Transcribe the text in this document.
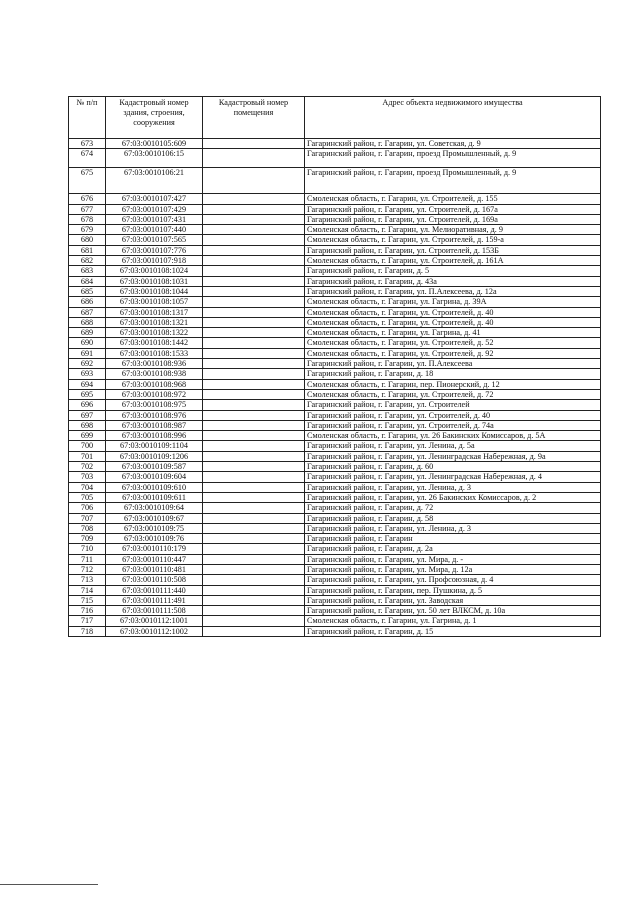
№ п/п	Кадастровый номер здания, строения, сооружения	Кадастровый номер помещения	Адрес объекта недвижимого имущества
673	67:03:0010105:609		Гагаринский район, г. Гагарин, ул. Советская, д. 9
674	67:03:0010106:15		Гагаринский район, г. Гагарин, проезд Промышленный, д. 9
675	67:03:0010106:21		Гагаринский район, г. Гагарин, проезд Промышленный, д. 9
676	67:03:0010107:427		Смоленская область, г. Гагарин, ул. Строителей, д. 155
677	67:03:0010107:429		Гагаринский район, г. Гагарин, ул. Строителей, д. 167а
678	67:03:0010107:431		Гагаринский район, г. Гагарин, ул. Строителей, д. 169а
679	67:03:0010107:440		Смоленская область, г. Гагарин, ул. Мелиоративная, д. 9
680	67:03:0010107:565		Смоленская область, г. Гагарин, ул. Строителей, д. 159-а
681	67:03:0010107:776		Гагаринский район, г. Гагарин, ул. Строителей, д. 153Б
682	67:03:0010107:918		Смоленская область, г. Гагарин, ул. Строителей, д. 161А
683	67:03:0010108:1024		Гагаринский район, г. Гагарин, д. 5
684	67:03:0010108:1031		Гагаринский район, г. Гагарин, д. 43а
685	67:03:0010108:1044		Гагаринский район, г. Гагарин, ул. П.Алексеева, д. 12а
686	67:03:0010108:1057		Смоленская область, г. Гагарин, ул. Гагрина, д. 39А
687	67:03:0010108:1317		Смоленская область, г. Гагарин, ул. Строителей, д. 40
688	67:03:0010108:1321		Смоленская область, г. Гагарин, ул. Строителей, д. 40
689	67:03:0010108:1322		Смоленская область, г. Гагарин, ул. Гагрина, д. 41
690	67:03:0010108:1442		Смоленская область, г. Гагарин, ул. Строителей, д. 52
691	67:03:0010108:1533		Смоленская область, г. Гагарин, ул. Строителей, д. 92
692	67:03:0010108:936		Гагаринский район, г. Гагарин, ул. П.Алексеева
693	67:03:0010108:938		Гагаринский район, г. Гагарин, д. 18
694	67:03:0010108:968		Смоленская область, г. Гагарин, пер. Пионерский, д. 12
695	67:03:0010108:972		Смоленская область, г. Гагарин, ул. Строителей, д. 72
696	67:03:0010108:975		Гагаринский район, г. Гагарин, ул. Строителей
697	67:03:0010108:976		Гагаринский район, г. Гагарин, ул. Строителей, д. 40
698	67:03:0010108:987		Гагаринский район, г. Гагарин, ул. Строителей, д. 74а
699	67:03:0010108:996		Смоленская область, г. Гагарин, ул. 26 Бакинских Комиссаров, д. 5А
700	67:03:0010109:1104		Гагаринский район, г. Гагарин, ул. Ленина, д. 5а
701	67:03:0010109:1206		Гагаринский район, г. Гагарин, ул. Ленинградская Набережная, д. 9а
702	67:03:0010109:587		Гагаринский район, г. Гагарин, д. 60
703	67:03:0010109:604		Гагаринский район, г. Гагарин, ул. Ленинградская Набережная, д. 4
704	67:03:0010109:610		Гагаринский район, г. Гагарин, ул. Ленина, д. 3
705	67:03:0010109:611		Гагаринский район, г. Гагарин, ул. 26 Бакинских Комиссаров, д. 2
706	67:03:0010109:64		Гагаринский район, г. Гагарин, д. 72
707	67:03:0010109:67		Гагаринский район, г. Гагарин, д. 58
708	67:03:0010109:75		Гагаринский район, г. Гагарин, ул. Ленина, д. 3
709	67:03:0010109:76		Гагаринский район, г. Гагарин
710	67:03:0010110:179		Гагаринский район, г. Гагарин, д. 2а
711	67:03:0010110:447		Гагаринский район, г. Гагарин, ул. Мира, д. -
712	67:03:0010110:481		Гагаринский район, г. Гагарин, ул. Мира, д. 12а
713	67:03:0010110:508		Гагаринский район, г. Гагарин, ул. Профсоюзная, д. 4
714	67:03:0010111:440		Гагаринский район, г. Гагарин, пер. Пушкина, д. 5
715	67:03:0010111:491		Гагаринский район, г. Гагарин, ул. Заводская
716	67:03:0010111:508		Гагаринский район, г. Гагарин, ул. 50 лет ВЛКСМ, д. 10а
717	67:03:0010112:1001		Смоленская область, г. Гагарин, ул. Гагрина, д. 1
718	67:03:0010112:1002		Гагаринский район, г. Гагарин, д. 15
